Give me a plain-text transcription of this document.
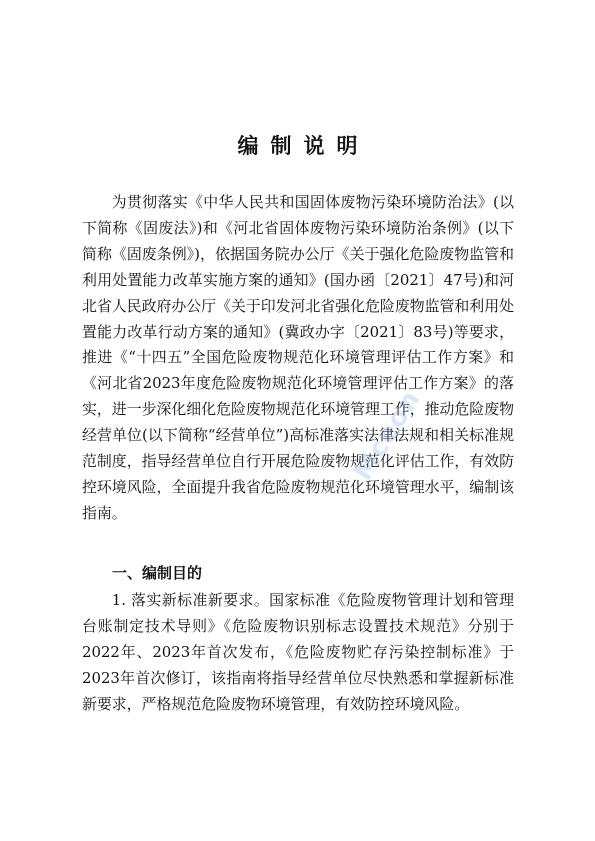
编制说明

为贯彻落实《中华人民共和国固体废物污染环境防治法》(以下简称《固废法》)和《河北省固体废物污染环境防治条例》(以下简称《固废条例》)，依据国务院办公厅《关于强化危险废物监管和利用处置能力改革实施方案的通知》(国办函〔2021〕47号)和河北省人民政府办公厅《关于印发河北省强化危险废物监管和利用处置能力改革行动方案的通知》(冀政办字〔2021〕83号)等要求，推进《“十四五”全国危险废物规范化环境管理评估工作方案》和《河北省2023年度危险废物规范化环境管理评估工作方案》的落实，进一步深化细化危险废物规范化环境管理工作，推动危险废物经营单位(以下简称“经营单位”)高标准落实法律法规和相关标准规范制度，指导经营单位自行开展危险废物规范化评估工作，有效防控环境风险，全面提升我省危险废物规范化环境管理水平，编制该指南。

一、编制目的

1. 落实新标准新要求。国家标准《危险废物管理计划和管理台账制定技术导则》《危险废物识别标志设置技术规范》分别于2022年、2023年首次发布，《危险废物贮存污染控制标准》于2023年首次修订，该指南将指导经营单位尽快熟悉和掌握新标准新要求，严格规范危险废物环境管理，有效防控环境风险。

Mceon
